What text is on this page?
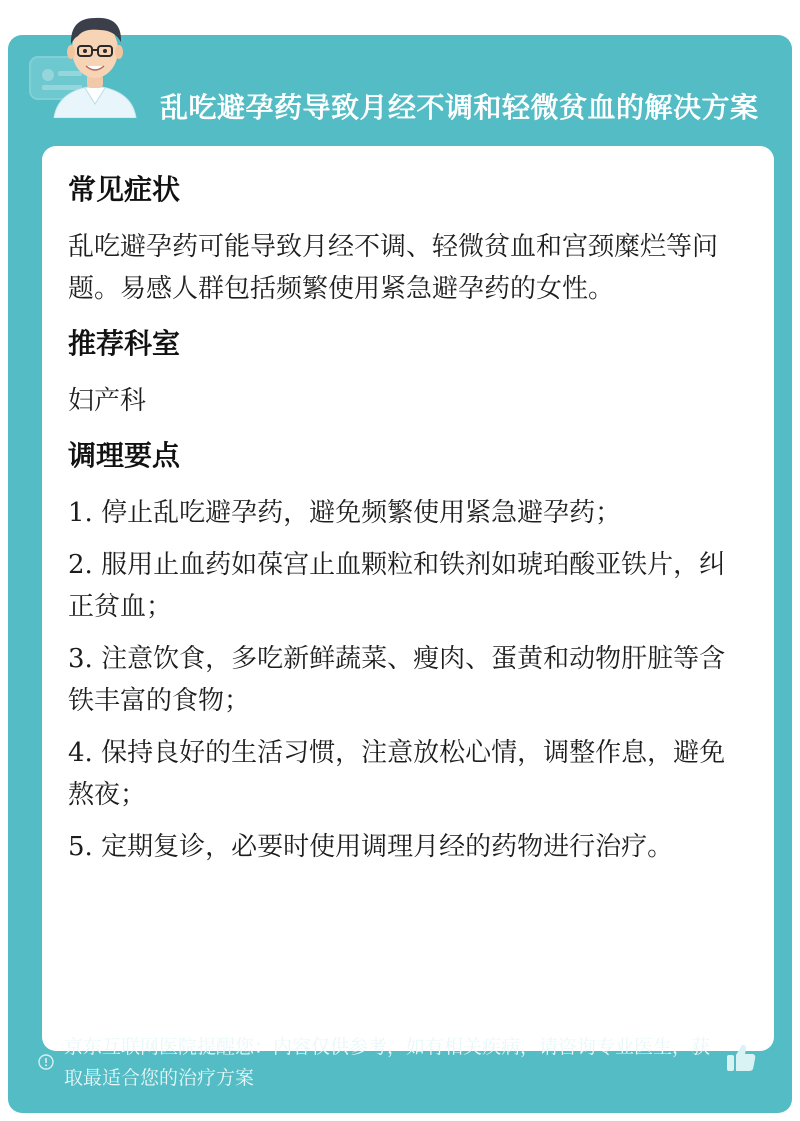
乱吃避孕药导致月经不调和轻微贫血的解决方案
常见症状
乱吃避孕药可能导致月经不调、轻微贫血和宫颈糜烂等问题。易感人群包括频繁使用紧急避孕药的女性。
推荐科室
妇产科
调理要点
1. 停止乱吃避孕药，避免频繁使用紧急避孕药；
2. 服用止血药如葆宫止血颗粒和铁剂如琥珀酸亚铁片，纠正贫血；
3. 注意饮食，多吃新鲜蔬菜、瘦肉、蛋黄和动物肝脏等含铁丰富的食物；
4. 保持良好的生活习惯，注意放松心情，调整作息，避免熬夜；
5. 定期复诊，必要时使用调理月经的药物进行治疗。
京东互联网医院提醒您：内容仅供参考，如有相关疾病，请咨询专业医生，获取最适合您的治疗方案
